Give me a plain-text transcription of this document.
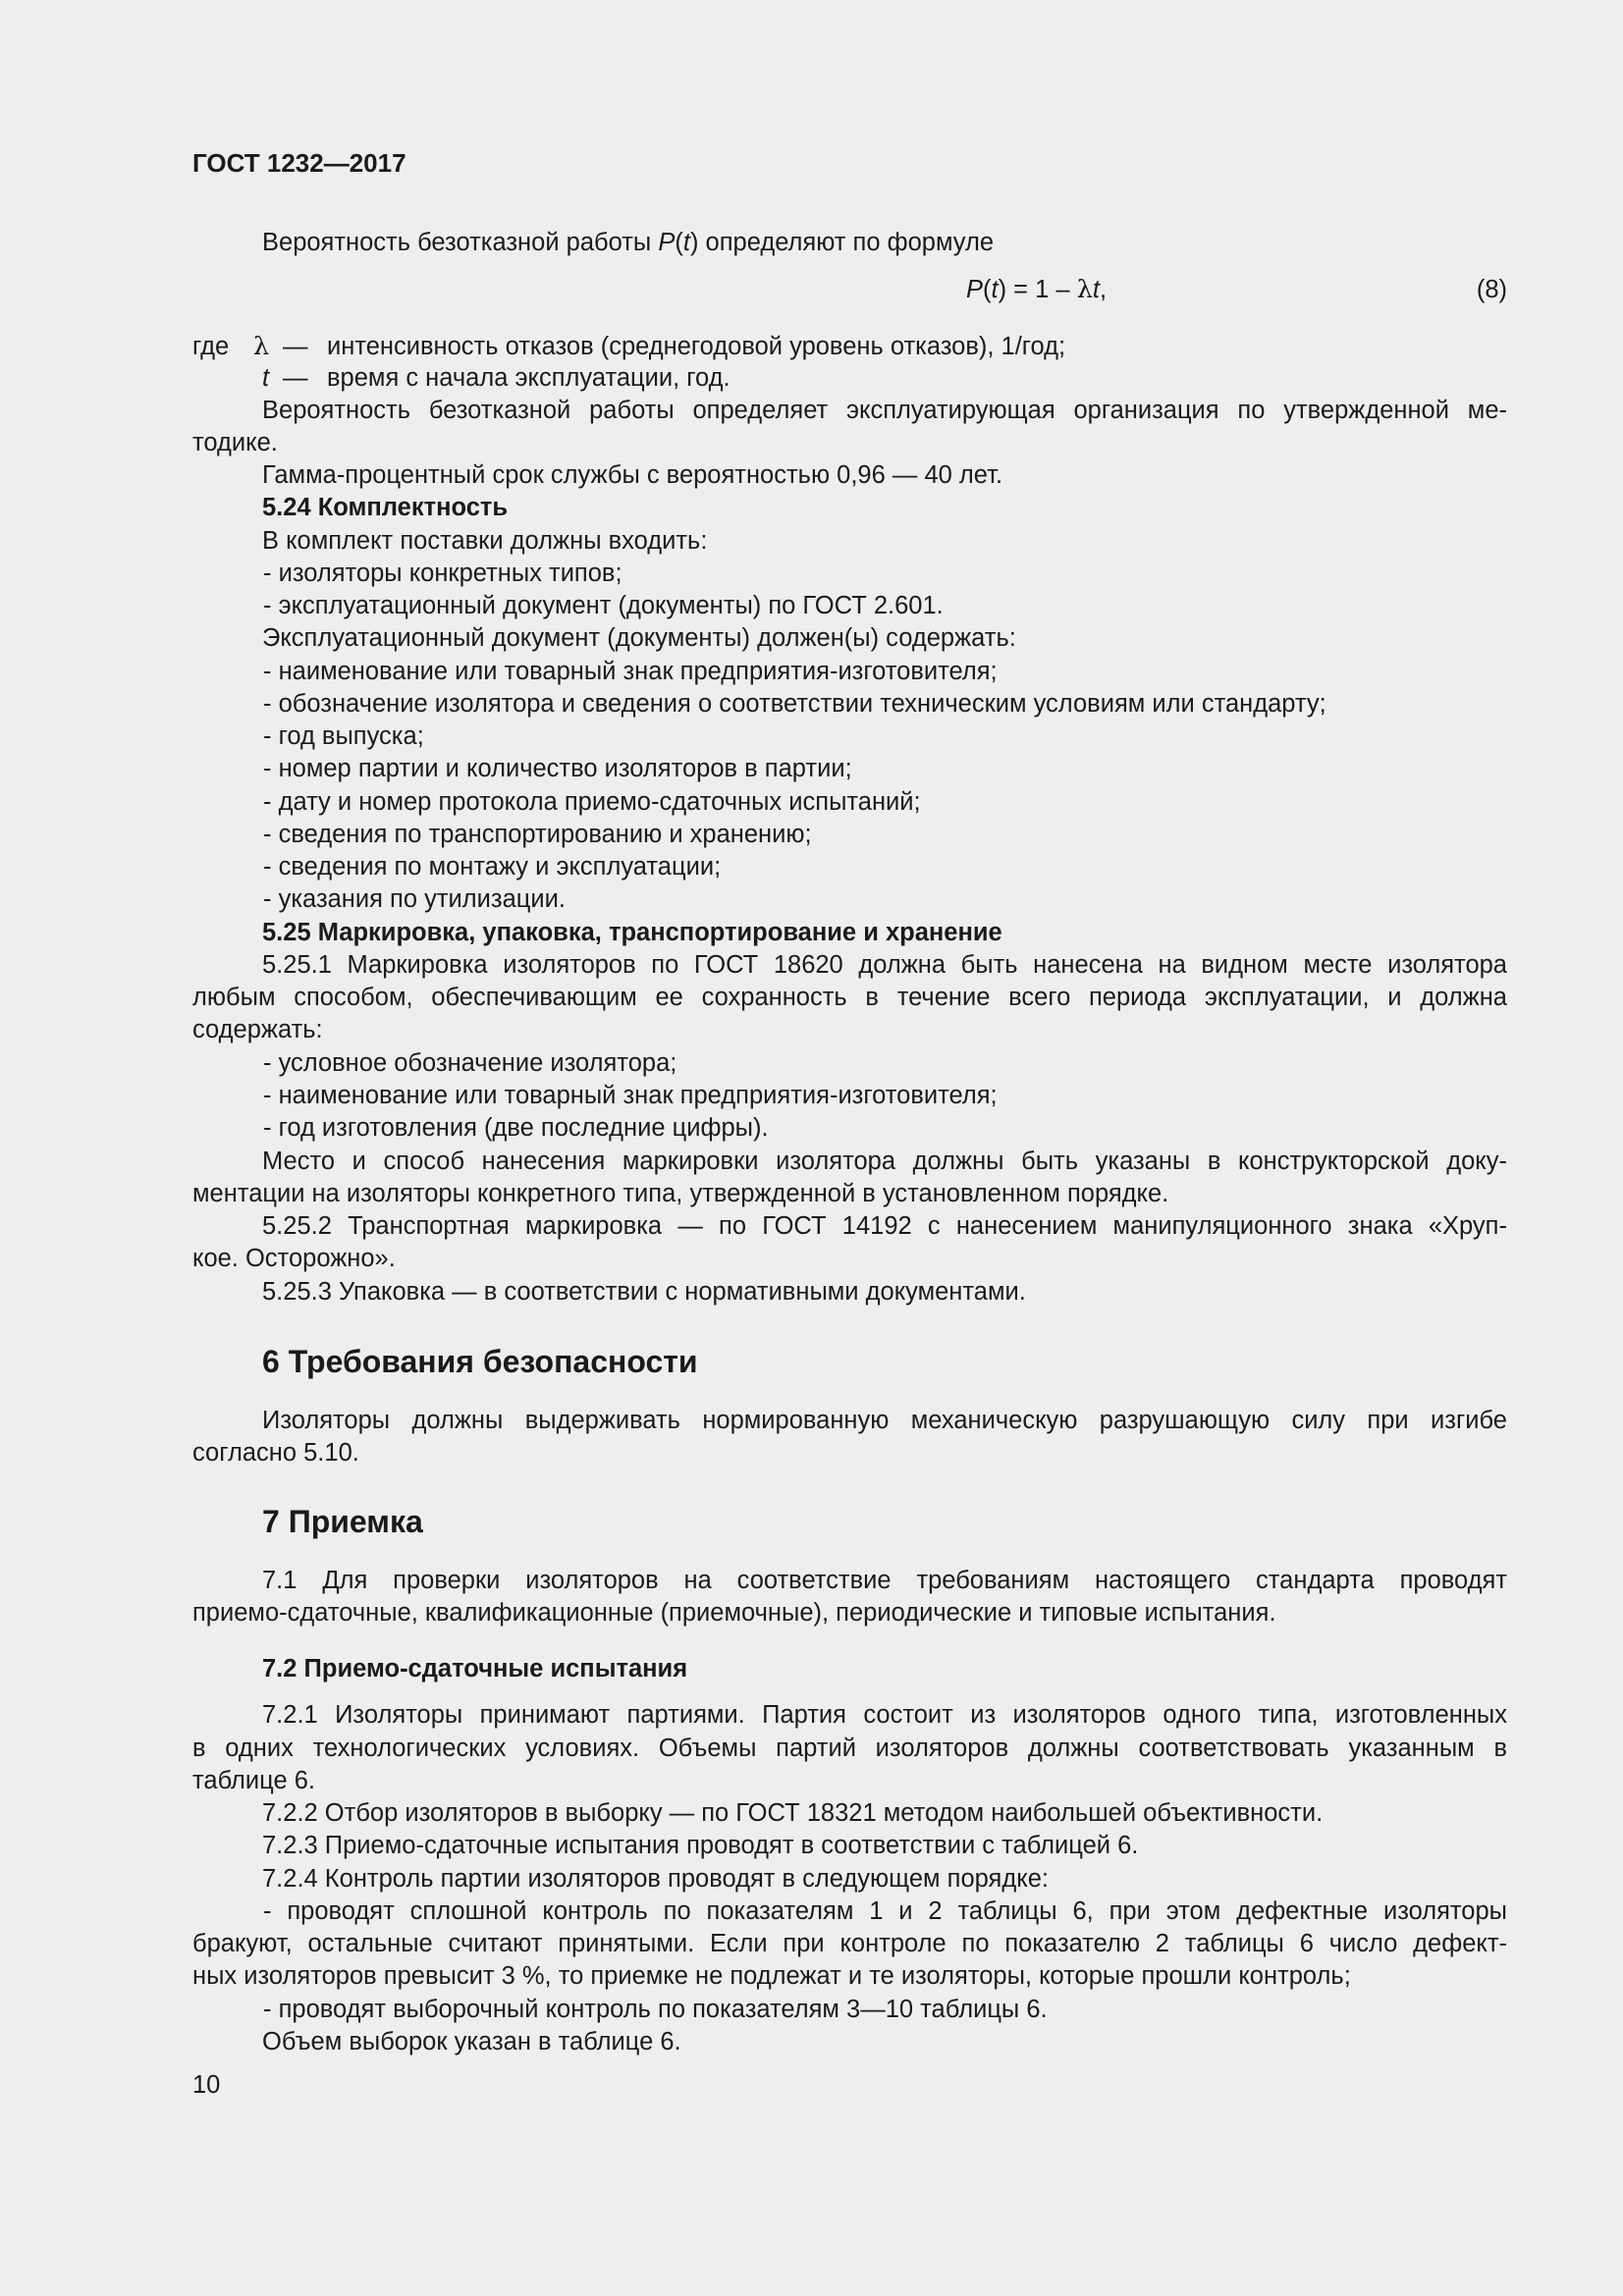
ГОСТ 1232—2017
Вероятность безотказной работы P(t) определяют по формуле
P(t) = 1 – λt,	(8)
где λ — интенсивность отказов (среднегодовой уровень отказов), 1/год;
t — время с начала эксплуатации, год.
Вероятность безотказной работы определяет эксплуатирующая организация по утвержденной ме-
тодике.
Гамма-процентный срок службы с вероятностью 0,96 — 40 лет.
5.24 Комплектность
В комплект поставки должны входить:
- изоляторы конкретных типов;
- эксплуатационный документ (документы) по ГОСТ 2.601.
Эксплуатационный документ (документы) должен(ы) содержать:
- наименование или товарный знак предприятия-изготовителя;
- обозначение изолятора и сведения о соответствии техническим условиям или стандарту;
- год выпуска;
- номер партии и количество изоляторов в партии;
- дату и номер протокола приемо-сдаточных испытаний;
- сведения по транспортированию и хранению;
- сведения по монтажу и эксплуатации;
- указания по утилизации.
5.25 Маркировка, упаковка, транспортирование и хранение
5.25.1 Маркировка изоляторов по ГОСТ 18620 должна быть нанесена на видном месте изолятора
любым способом, обеспечивающим ее сохранность в течение всего периода эксплуатации, и должна
содержать:
- условное обозначение изолятора;
- наименование или товарный знак предприятия-изготовителя;
- год изготовления (две последние цифры).
Место и способ нанесения маркировки изолятора должны быть указаны в конструкторской доку-
ментации на изоляторы конкретного типа, утвержденной в установленном порядке.
5.25.2 Транспортная маркировка — по ГОСТ 14192 с нанесением манипуляционного знака «Хруп-
кое. Осторожно».
5.25.3 Упаковка — в соответствии с нормативными документами.
6 Требования безопасности
Изоляторы должны выдерживать нормированную механическую разрушающую силу при изгибе
согласно 5.10.
7 Приемка
7.1 Для проверки изоляторов на соответствие требованиям настоящего стандарта проводят
приемо-сдаточные, квалификационные (приемочные), периодические и типовые испытания.
7.2 Приемо-сдаточные испытания
7.2.1 Изоляторы принимают партиями. Партия состоит из изоляторов одного типа, изготовленных
в одних технологических условиях. Объемы партий изоляторов должны соответствовать указанным в
таблице 6.
7.2.2 Отбор изоляторов в выборку — по ГОСТ 18321 методом наибольшей объективности.
7.2.3 Приемо-сдаточные испытания проводят в соответствии с таблицей 6.
7.2.4 Контроль партии изоляторов проводят в следующем порядке:
- проводят сплошной контроль по показателям 1 и 2 таблицы 6, при этом дефектные изоляторы
бракуют, остальные считают принятыми. Если при контроле по показателю 2 таблицы 6 число дефект-
ных изоляторов превысит 3 %, то приемке не подлежат и те изоляторы, которые прошли контроль;
- проводят выборочный контроль по показателям 3—10 таблицы 6.
Объем выборок указан в таблице 6.
10
